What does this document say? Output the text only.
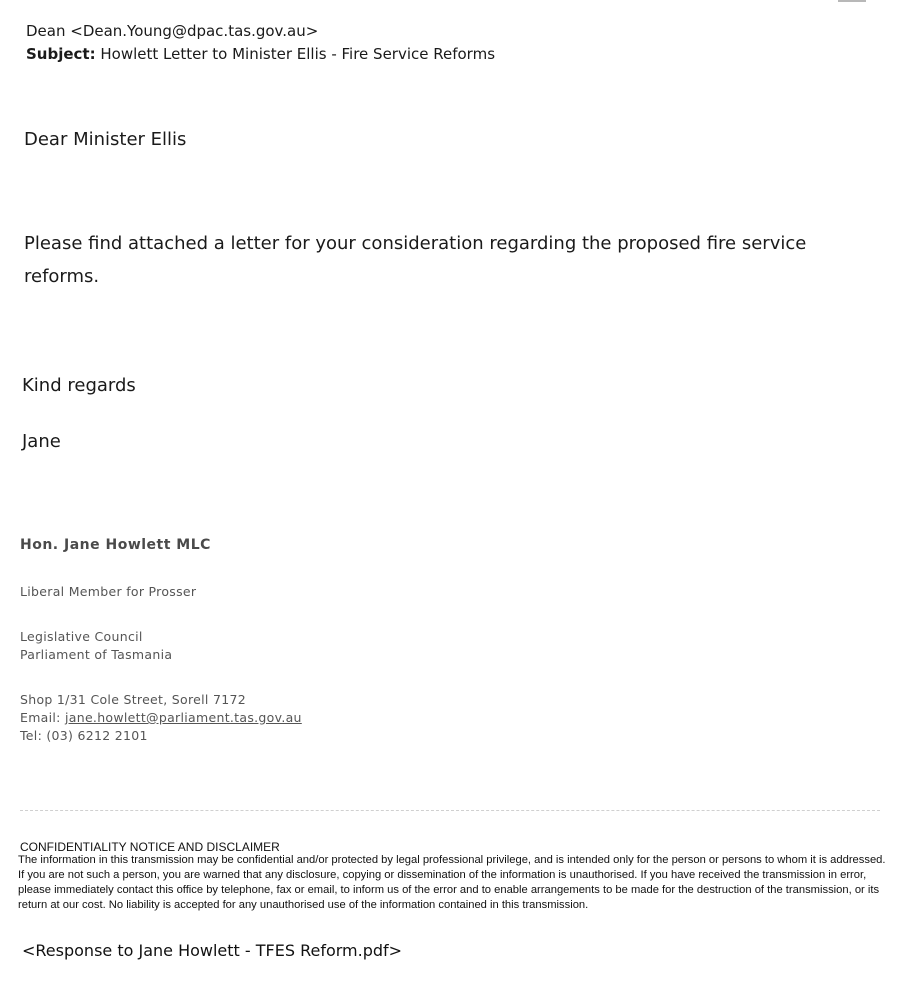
Dean <Dean.Young@dpac.tas.gov.au>
Subject: Howlett Letter to Minister Ellis - Fire Service Reforms
Dear Minister Ellis
Please find attached a letter for your consideration regarding the proposed fire service reforms.
Kind regards
Jane
Hon. Jane Howlett MLC
Liberal Member for Prosser
Legislative Council
Parliament of Tasmania
Shop 1/31 Cole Street, Sorell 7172
Email: jane.howlett@parliament.tas.gov.au
Tel: (03) 6212 2101
CONFIDENTIALITY NOTICE AND DISCLAIMER
The information in this transmission may be confidential and/or protected by legal professional privilege, and is intended only for the person or persons to whom it is addressed. If you are not such a person, you are warned that any disclosure, copying or dissemination of the information is unauthorised. If you have received the transmission in error, please immediately contact this office by telephone, fax or email, to inform us of the error and to enable arrangements to be made for the destruction of the transmission, or its return at our cost. No liability is accepted for any unauthorised use of the information contained in this transmission.
<Response to Jane Howlett - TFES Reform.pdf>
